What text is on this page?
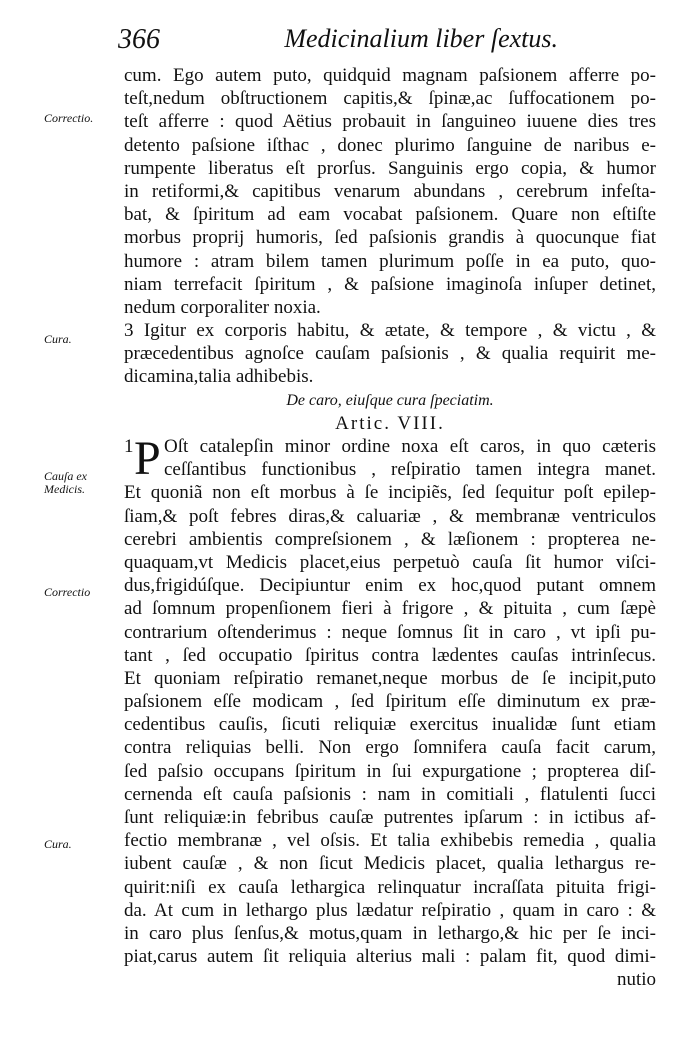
366	Medicinalium liber ſextus.
Correctio.
Cura.
Cauſa ex Medicis.
Correctio
Cura.
cum. Ego autem puto, quidquid magnam paſsionem afferre po-
teſt,nedum obſtructionem capitis,& ſpinæ,ac ſuffocationem po-
teſt afferre : quod Aëtius probauit in ſanguineo iuuene dies tres
detento paſsione iſthac , donec plurimo ſanguine de naribus e-
rumpente liberatus eſt prorſus. Sanguinis ergo copia, & humor
in retiformi,& capitibus venarum abundans , cerebrum infeſta-
bat, & ſpiritum ad eam vocabat paſsionem. Quare non eſtiſte
morbus proprij humoris, ſed paſsionis grandis à quocunque fiat
humore : atram bilem tamen plurimum poſſe in ea puto, quo-
niam terrefacit ſpiritum , & paſsione imaginoſa inſuper detinet,
nedum corporaliter noxia.
3 Igitur ex corporis habitu, & ætate, & tempore , & victu , &
præcedentibus agnoſce cauſam paſsionis , & qualia requirit me-
dicamina,talia adhibebis.
De caro, eiuſque cura ſpeciatim.
Artic. VIII.
1 P Oſt catalepſin minor ordine noxa eſt caros, in quo cæteris
ceſſantibus functionibus , reſpiratio tamen integra manet.
Et quoniã non eſt morbus à ſe incipiẽs, ſed ſequitur poſt epilep-
ſiam,& poſt febres diras,& caluariæ , & membranæ ventriculos
cerebri ambientis compreſsionem , & læſionem : propterea ne-
quaquam,vt Medicis placet,eius perpetuò cauſa ſit humor viſci-
dus,frigidúſque. Decipiuntur enim ex hoc,quod putant omnem
ad ſomnum propenſionem fieri à frigore , & pituita , cum ſæpè
contrarium oſtenderimus : neque ſomnus ſit in caro , vt ipſi pu-
tant , ſed occupatio ſpiritus contra lædentes cauſas intrinſecus.
Et quoniam reſpiratio remanet,neque morbus de ſe incipit,puto
paſsionem eſſe modicam , ſed ſpiritum eſſe diminutum ex præ-
cedentibus cauſis, ſicuti reliquiæ exercitus inualidæ ſunt etiam
contra reliquias belli. Non ergo ſomnifera cauſa facit carum,
ſed paſsio occupans ſpiritum in ſui expurgatione ; propterea diſ-
cernenda eſt cauſa paſsionis : nam in comitiali , flatulenti ſucci
ſunt reliquiæ:in febribus cauſæ putrentes ipſarum : in ictibus af-
fectio membranæ , vel oſsis. Et talia exhibebis remedia , qualia
iubent cauſæ , & non ſicut Medicis placet, qualia lethargus re-
quirit:niſi ex cauſa lethargica relinquatur incraſſata pituita frigi-
da. At cum in lethargo plus lædatur reſpiratio , quam in caro : &
in caro plus ſenſus,& motus,quam in lethargo,& hic per ſe inci-
piat,carus autem ſit reliquia alterius mali : palam fit, quod dimi-
nutio
